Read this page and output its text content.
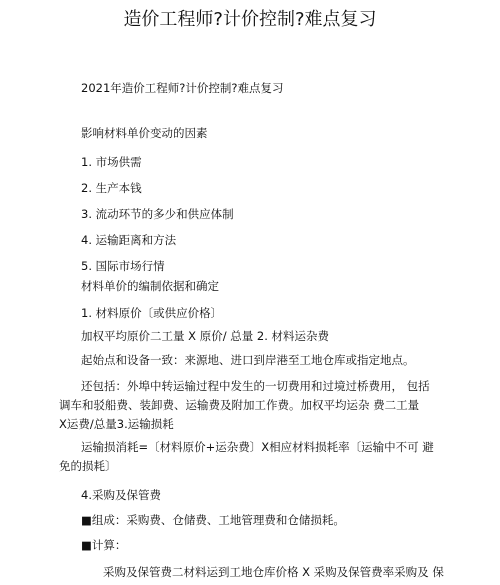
造价工程师?计价控制?难点复习

2021年造价工程师?计价控制?难点复习

影响材料单价变动的因素

1. 市场供需

2. 生产本钱

3. 流动环节的多少和供应体制

4. 运输距离和方法

5. 国际市场行情

材料单价的编制依据和确定

1. 材料原价〔或供应价格〕

加权平均原价二工量 X 原价/ 总量 2. 材料运杂费

起始点和设备一致：来源地、进口到岸港至工地仓库或指定地点。

还包括：外埠中转运输过程中发生的一切费用和过境过桥费用， 包括

调车和驳船费、装卸费、运输费及附加工作费。加权平均运杂 费二工量

X运费/总量3.运输损耗

运输损消耗=〔材料原价+运杂费〕X相应材料损耗率〔运输中不可 避

免的损耗〕

4.采购及保管费

■组成：采购费、仓储费、工地管理费和仓储损耗。

■计算：

采购及保管费二材料运到工地仓库价格 X 采购及保管费率采购及 保
